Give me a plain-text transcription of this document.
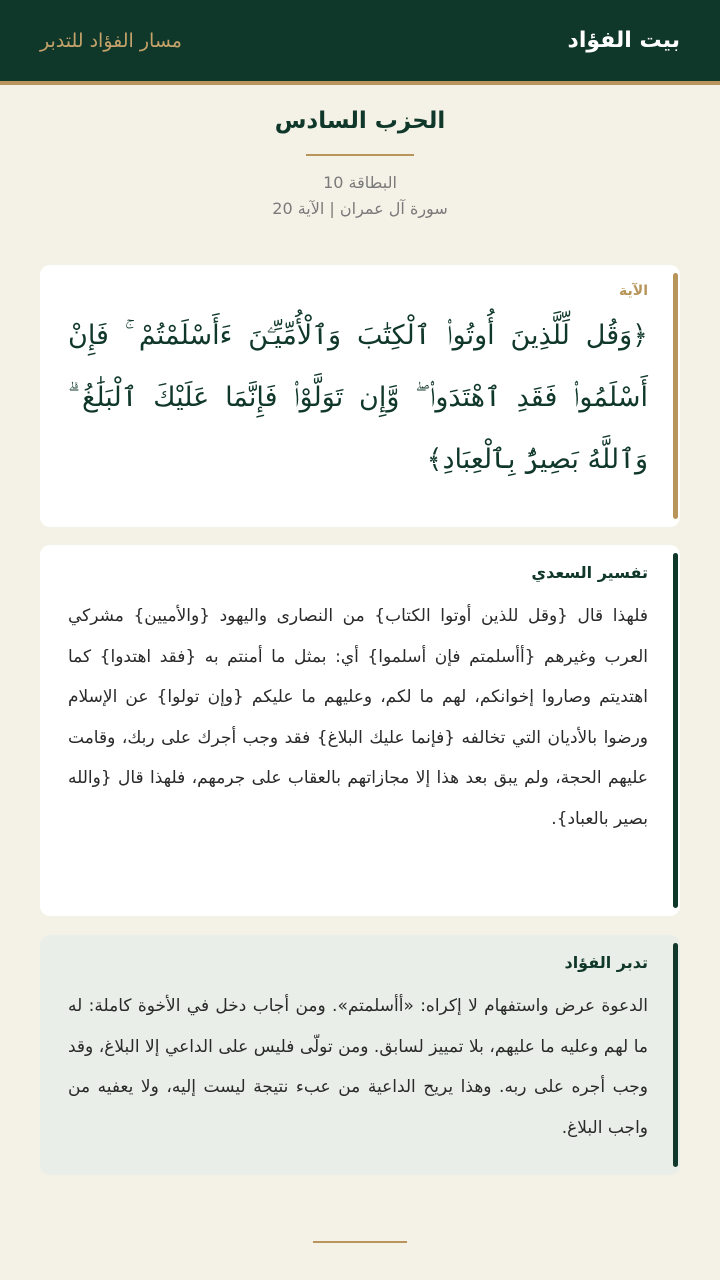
بيت الفؤاد
مسار الفؤاد للتدبر
الحزب السادس
البطاقة 10
سورة آل عمران | الآية 20
الآية
﴿وَقُل لِّلَّذِينَ أُوتُوا۟ ٱلْكِتَٰبَ وَٱلْأُمِّيِّـۧنَ ءَأَسْلَمْتُمْ ۚ فَإِنْ أَسْلَمُوا۟ فَقَدِ ٱهْتَدَوا۟ ۖ وَّإِن تَوَلَّوْا۟ فَإِنَّمَا عَلَيْكَ ٱلْبَلَٰغُ ۗ وَٱللَّهُ بَصِيرٌۢ بِٱلْعِبَادِ﴾
تفسير السعدي
فلهذا قال {وقل للذين أوتوا الكتاب} من النصارى واليهود {والأميين} مشركي العرب وغيرهم {أأسلمتم فإن أسلموا} أي: بمثل ما أمنتم به {فقد اهتدوا} كما اهتديتم وصاروا إخوانكم، لهم ما لكم، وعليهم ما عليكم {وإن تولوا} عن الإسلام ورضوا بالأديان التي تخالفه {فإنما عليك البلاغ} فقد وجب أجرك على ربك، وقامت عليهم الحجة، ولم يبق بعد هذا إلا مجازاتهم بالعقاب على جرمهم، فلهذا قال {والله بصير بالعباد}.
تدبر الفؤاد
الدعوة عرض واستفهام لا إكراه: «أأسلمتم». ومن أجاب دخل في الأخوة كاملة: له ما لهم وعليه ما عليهم، بلا تمييز لسابق. ومن تولّى فليس على الداعي إلا البلاغ، وقد وجب أجره على ربه. وهذا يريح الداعية من عبء نتيجة ليست إليه، ولا يعفيه من واجب البلاغ.
